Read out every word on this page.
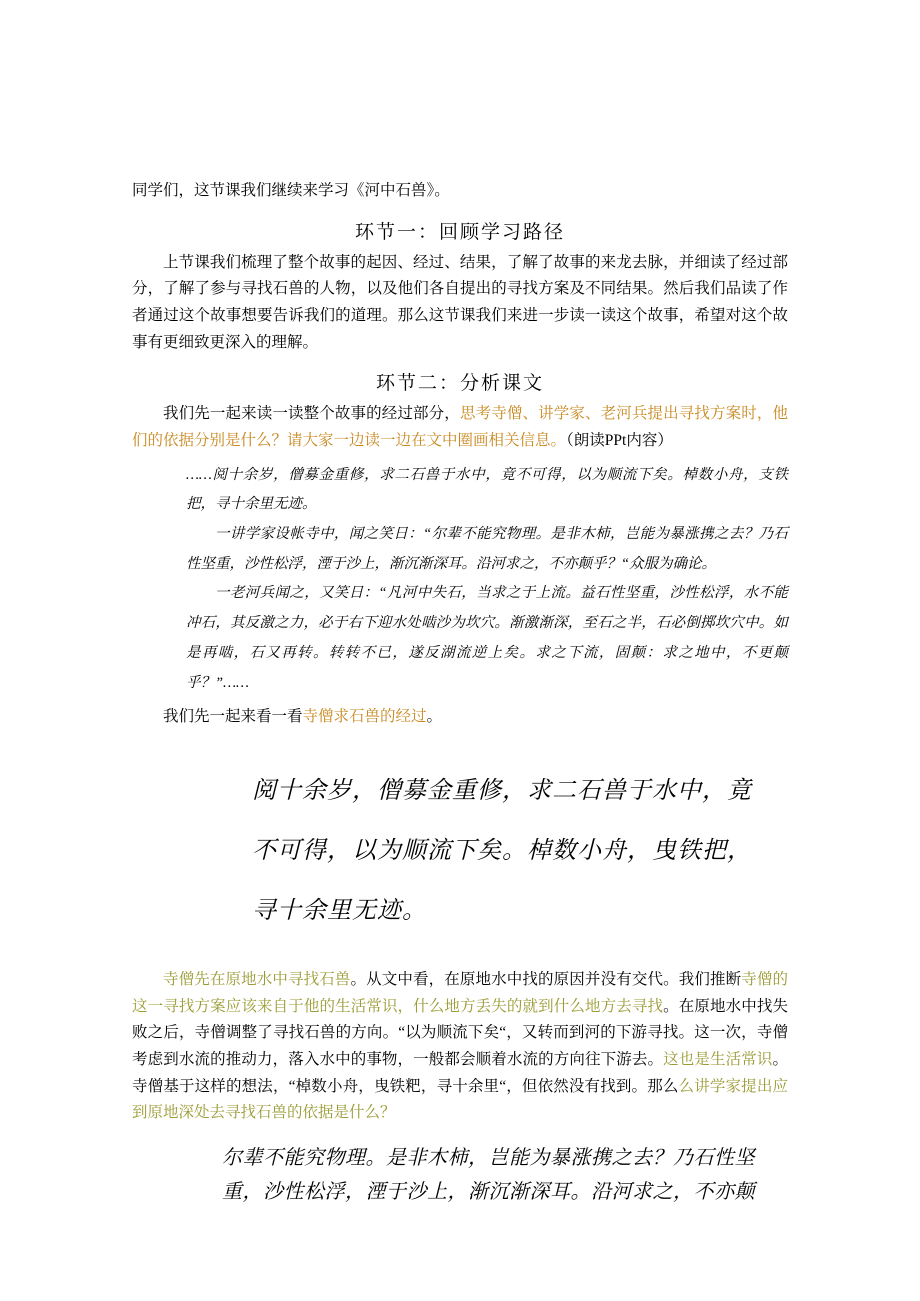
同学们，这节课我们继续来学习《河中石兽》。

环节一：回顾学习路径

上节课我们梳理了整个故事的起因、经过、结果，了解了故事的来龙去脉，并细读了经过部分，了解了参与寻找石兽的人物，以及他们各自提出的寻找方案及不同结果。然后我们品读了作者通过这个故事想要告诉我们的道理。那么这节课我们来进一步读一读这个故事，希望对这个故事有更细致更深入的理解。

环节二：分析课文

我们先一起来读一读整个故事的经过部分，思考寺僧、讲学家、老河兵提出寻找方案时，他们的依据分别是什么？请大家一边读一边在文中圈画相关信息。（朗读PPt内容）

……阅十余岁，僧募金重修，求二石兽于水中，竟不可得，以为顺流下矣。棹数小舟，支铁把，寻十余里无迹。

一讲学家设帐寺中，闻之笑日：“尔辈不能究物理。是非木柿，岂能为暴涨携之去？乃石性坚重，沙性松浮，湮于沙上，渐沉渐深耳。沿河求之，不亦颠乎？“众服为确论。

一老河兵闻之，又笑日：“凡河中失石，当求之于上流。益石性坚重，沙性松浮，水不能冲石，其反激之力，必于右下迎水处啮沙为坎穴。渐激渐深，至石之半，石必倒掷坎穴中。如是再啮，石又再转。转转不已，遂反湖流逆上矣。求之下流，固颠：求之地中，不更颠乎？”……

我们先一起来看一看寺僧求石兽的经过。

阅十余岁，僧募金重修，求二石兽于水中，竟

不可得，以为顺流下矣。棹数小舟，曳铁把，

寻十余里无迹。

寺僧先在原地水中寻找石兽。从文中看，在原地水中找的原因并没有交代。我们推断寺僧的这一寻找方案应该来自于他的生活常识，什么地方丢失的就到什么地方去寻找。在原地水中找失败之后，寺僧调整了寻找石兽的方向。“以为顺流下矣“，又转而到河的下游寻找。这一次，寺僧考虑到水流的推动力，落入水中的事物，一般都会顺着水流的方向往下游去。这也是生活常识。寺僧基于这样的想法，“棹数小舟，曳铁粑，寻十余里“，但依然没有找到。那么么讲学家提出应到原地深处去寻找石兽的依据是什么？

尔辈不能究物理。是非木柿，岂能为暴涨携之去？乃石性坚

重，沙性松浮，湮于沙上，渐沉渐深耳。沿河求之，不亦颠
